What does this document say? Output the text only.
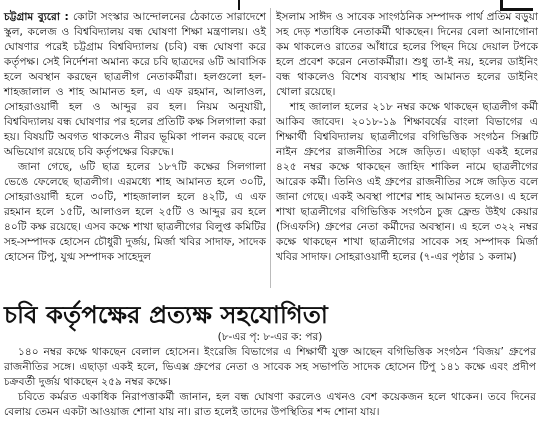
চট্টগ্রাম ব্যুরো : কোটা সংস্কার আন্দোলনের ঠেকাতে সারাদেশে স্কুল, কলেজ ও বিশ্ববিদ্যালয় বন্ধ ঘোষণা শিক্ষা মন্ত্রণালয়। ওই ঘোষণার পরেই চট্টগ্রাম বিশ্ববিদ্যালয় (চবি) বন্ধ ঘোষণা করে কর্তৃপক্ষ। সেই নির্দেশনা অমান্য করে চবি ছাত্রদের ৬টি আবাসিক হলে অবস্থান করছেন ছাত্রলীগ নেতাকর্মীরা। হলগুলো হল- শাহজালাল ও শাহ আমানত হল, এ এফ রহমান, আলাওল, সোহরাওয়ার্দী হল ও আব্দুর রব হল। নিয়ম অনুযায়ী, বিশ্ববিদ্যালয় বন্ধ ঘোষণার পর হলের প্রতিটি কক্ষ সিলগালা করা হয়। বিষয়টি অবগত থাকলেও নীরব ভূমিকা পালন করছে বলে অভিযোগ রয়েছে চবি কর্তৃপক্ষের বিরুদ্ধে।

জানা গেছে, ৬টি ছাত্র হলের ১৮৭টি কক্ষের সিলগালা ভেঙে ফেলেছে ছাত্রলীগ। এরমধ্যে শাহ আমানত হলে ৩০টি, সোহরাওয়ার্দী হলে ৩০টি, শাহজালাল হলে ৪২টি, এ এফ রহমান হলে ১৫টি, আলাওল হলে ২৫টি ও আব্দুর রব হলে ৪০টি কক্ষ রয়েছে। এসব কক্ষে শাখা ছাত্রলীগের বিলুপ্ত কমিটির সহ-সম্পাদক হোসেন চৌধুরী দুর্জয়, মির্জা খবির সাদাফ, সাদেক হোসেন টিপু, যুগ্ম সম্পাদক সাহেদুল

ইসলাম সাঈদ ও সাবেক সাংগঠনিক সম্পাদক পার্থ প্রতিম বড়ুয়া সহ দেড় শতাধিক নেতাকর্মী থাকছেন। দিনের বেলা আনাগোনা কম থাকলেও রাতের আঁধারে হলের পিছন দিয়ে দেয়াল টপকে হলে প্রবেশ করেন নেতাকর্মীরা। শুধু তা-ই নয়, হলের ডাইনিং বন্ধ থাকলেও বিশেষ ব্যবস্থায় শাহ আমানত হলের ডাইনিং খোলা রয়েছে।

শাহ জালাল হলের ২১৮ নম্বর কক্ষে থাকছেন ছাত্রলীগ কর্মী আকিব জাবেদ। ২০১৮-১৯ শিক্ষাবর্ষের বাংলা বিভাগের এ শিক্ষার্থী বিশ্ববিদ্যালয় ছাত্রলীগের বগিভিত্তিক সংগঠন সিক্সটি নাইন গ্রুপের রাজনীতির সঙ্গে জড়িত। এছাড়া একই হলের ৪২৫ নম্বর কক্ষে থাকছেন জাহিদ শাকিল নামে ছাত্রলীগের আরেক কর্মী। তিনিও এই গ্রুপের রাজনীতির সঙ্গে জড়িত বলে জানা গেছে। একই অবস্থা পাশের শাহ আমানত হলেও। এ হলে শাখা ছাত্রলীগের বগিভিত্তিক সংগঠন চুজ ফ্রেন্ড উইথ কেয়ার (সিএফসি) গ্রুপের নেতা কর্মীদের অবস্থান। এ হলে ৩২২ নম্বর কক্ষে থাকছেন শাখা ছাত্রলীগের সাবেক সহ সম্পাদক মির্জা খবির সাদাফ। সোহরাওয়ার্দী হলের (৭-এর পৃষ্ঠার ১ কলাম)

চবি কর্তৃপক্ষের প্রত্যক্ষ সহযোগিতা
(৮-এর পৃ: ৮-এর ক: পর)

১৪০ নম্বর কক্ষে থাকছেন বেলাল হোসেন। ইংরেজি বিভাগের এ শিক্ষার্থী যুক্ত আছেন বগিভিত্তিক সংগঠন ‘বিজয়’ গ্রুপের রাজনীতির সঙ্গে। এছাড়া একই হলে, ভিএক্স গ্রুপের নেতা ও সাবেক সহ সভাপতি সাদেক হোসেন টিপু ১৪১ কক্ষে এবং প্রদীপ চক্রবর্তী দুর্জয় থাকছেন ২৫৯ নম্বর কক্ষে।

চবিতে কর্মরত একাধিক নিরাপত্তাকর্মী জানান, হল বন্ধ ঘোষণা করলেও এখনও বেশ কয়েকজন হলে থাকেন। তবে দিনের বেলায় তেমন একটা আওয়াজ শোনা যায় না। রাত হলেই তাদের উপস্থিতির শব্দ শোনা যায়।
